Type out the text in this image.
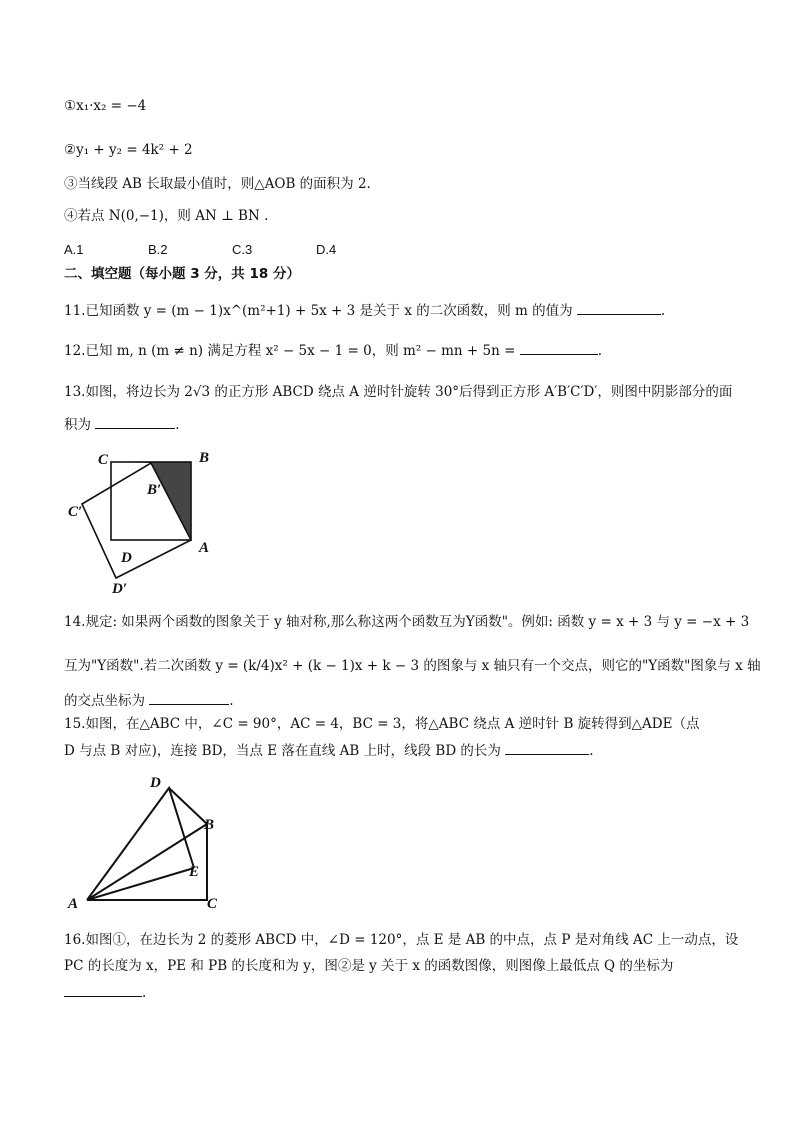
①x₁·x₂ = −4
②y₁ + y₂ = 4k² + 2
③当线段 AB 长取最小值时，则△AOB 的面积为 2.
④若点 N(0,−1)，则 AN ⊥ BN .
A.1	B.2	C.3	D.4
二、填空题（每小题 3 分，共 18 分）
11.已知函数 y = (m − 1)x^(m²+1) + 5x + 3 是关于 x 的二次函数，则 m 的值为	.
12.已知 m, n (m ≠ n) 满足方程 x² − 5x − 1 = 0，则 m² − mn + 5n =	.
13.如图，将边长为 2√3 的正方形 ABCD 绕点 A 逆时针旋转 30°后得到正方形 A′B′C′D′，则图中阴影部分的面
积为	.
C	B
B′
C′
D
A
D′
14.规定: 如果两个函数的图象关于 y 轴对称,那么称这两个函数互为Y函数"。例如: 函数 y = x + 3 与 y = −x + 3
互为"Y函数".若二次函数 y = (k/4)x² + (k − 1)x + k − 3 的图象与 x 轴只有一个交点，则它的"Y函数"图象与 x 轴
的交点坐标为	.
15.如图，在△ABC 中，∠C = 90°，AC = 4，BC = 3，将△ABC 绕点 A 逆时针 B 旋转得到△ADE（点
D 与点 B 对应)，连接 BD，当点 E 落在直线 AB 上时，线段 BD 的长为	.
D
B
E
A	C
16.如图①，在边长为 2 的菱形 ABCD 中，∠D = 120°，点 E 是 AB 的中点，点 P 是对角线 AC 上一动点，设
PC 的长度为 x，PE 和 PB 的长度和为 y，图②是 y 关于 x 的函数图像，则图像上最低点 Q 的坐标为
.
